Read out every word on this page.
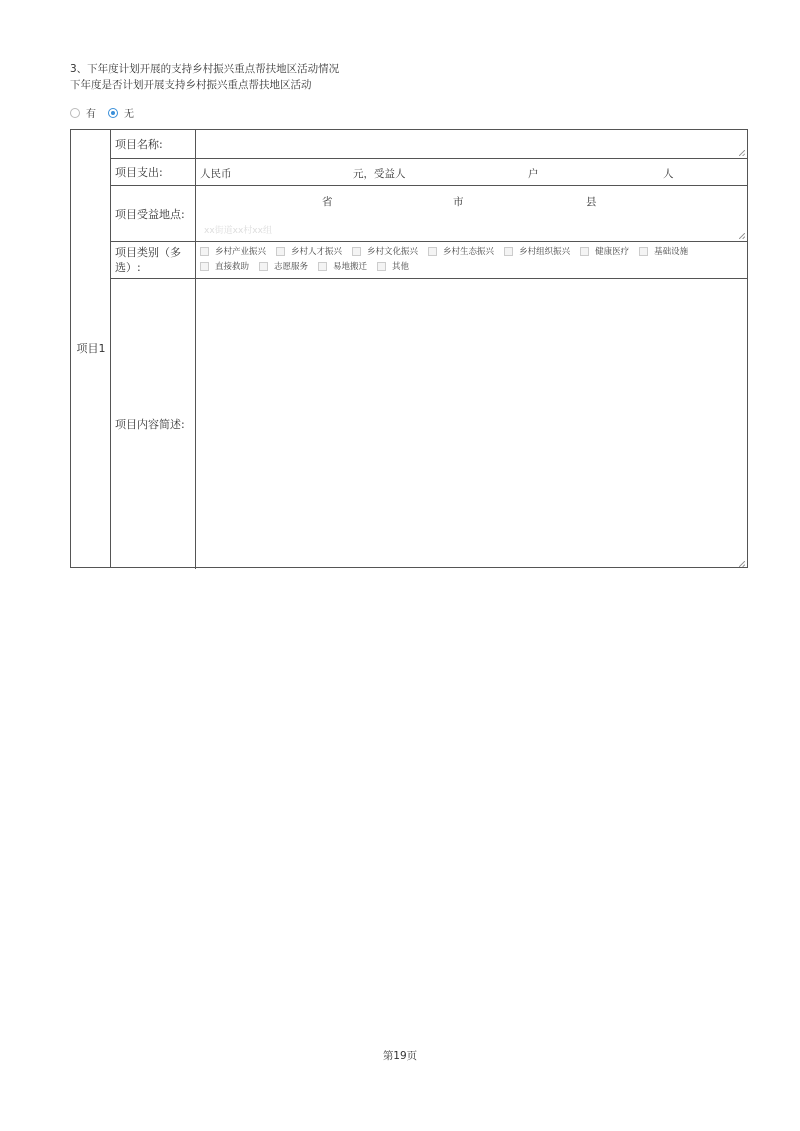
3、下年度计划开展的支持乡村振兴重点帮扶地区活动情况
下年度是否计划开展支持乡村振兴重点帮扶地区活动
有	无
项目1
项目名称:
项目支出:	人民币	元，受益人	户	人
项目受益地点:
省	市	县
xx街道xx村xx组
项目类别（多选）:
乡村产业振兴	乡村人才振兴	乡村文化振兴	乡村生态振兴	乡村组织振兴	健康医疗	基础设施
直接救助	志愿服务	易地搬迁	其他
项目内容简述:
第19页
